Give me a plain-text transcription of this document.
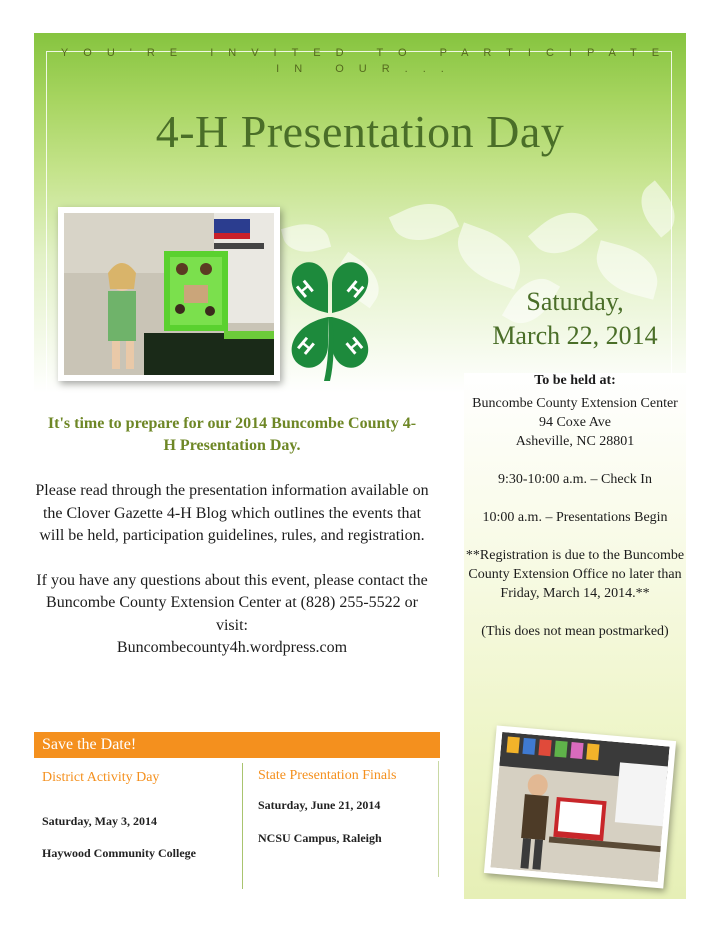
YOU'RE INVITED TO PARTICIPATE
IN OUR...
4-H Presentation Day
H H
H H
Saturday,
March 22, 2014

To be held at:

Buncombe County Extension Center

94 Coxe Ave

Asheville, NC 28801

9:30-10:00 a.m. – Check In

10:00 a.m. – Presentations Begin

**Registration is due to the Buncombe County Extension Office no later than Friday, March 14, 2014.**

(This does not mean postmarked)

It's time to prepare for our 2014 Buncombe County 4-H Presentation Day.

Please read through the presentation information available on the Clover Gazette 4-H Blog which outlines the events that will be held, participation guidelines, rules, and registration.

If you have any questions about this event, please contact the Buncombe County Extension Center at (828) 255-5522 or visit:

Buncombecounty4h.wordpress.com

Save the Date!
District Activity Day
Saturday, May 3, 2014
Haywood Community College
State Presentation Finals
Saturday, June 21, 2014
NCSU Campus, Raleigh
